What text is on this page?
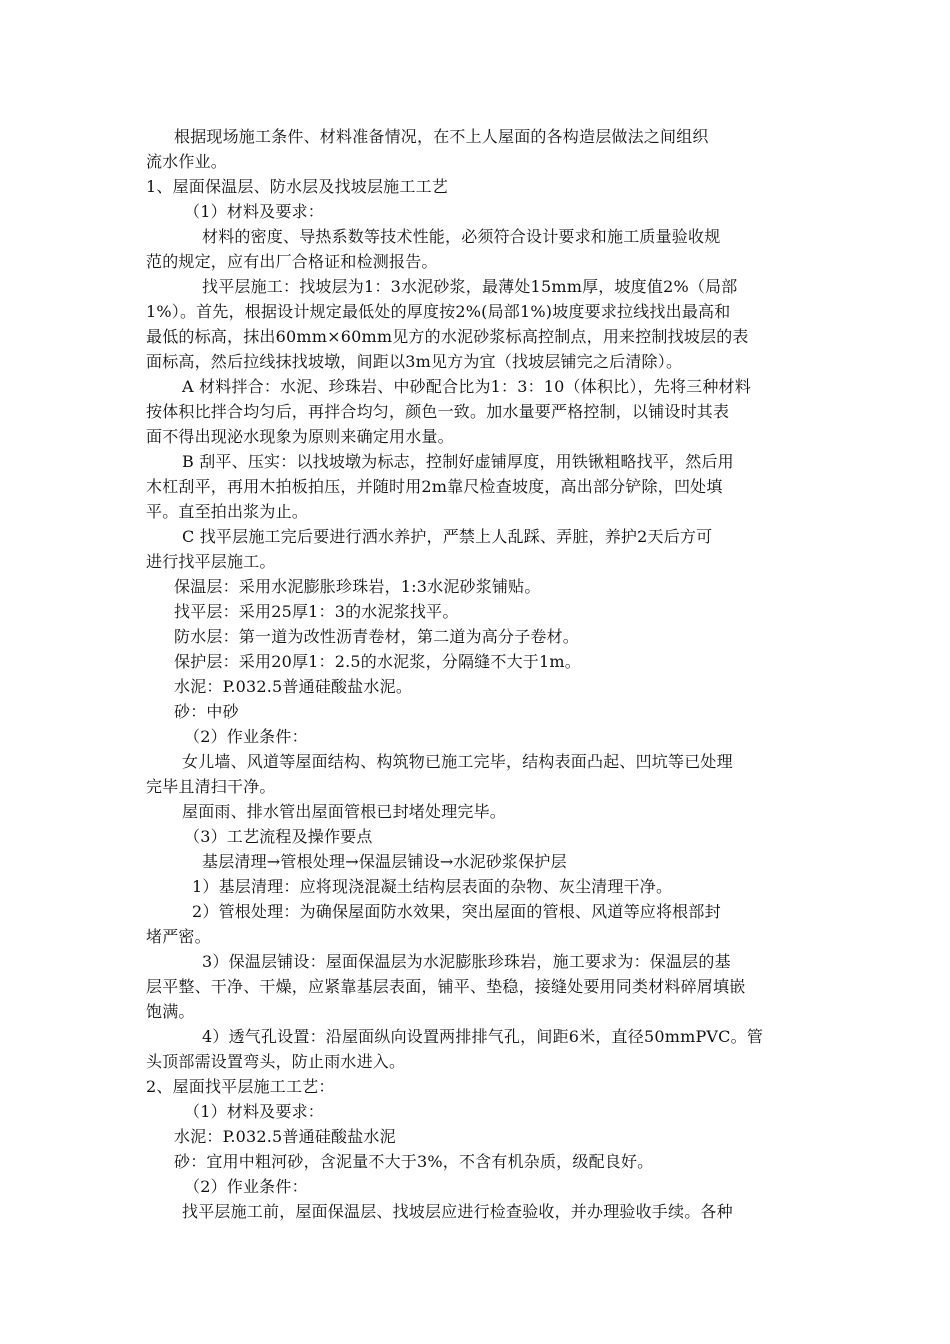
根据现场施工条件、材料准备情况，在不上人屋面的各构造层做法之间组织
流水作业。
1、屋面保温层、防水层及找坡层施工工艺
（1）材料及要求：
材料的密度、导热系数等技术性能，必须符合设计要求和施工质量验收规
范的规定，应有出厂合格证和检测报告。
找平层施工：找坡层为1：3水泥砂浆，最薄处15mm厚，坡度值2%（局部
1%）。首先，根据设计规定最低处的厚度按2%(局部1%)坡度要求拉线找出最高和
最低的标高，抹出60mm×60mm见方的水泥砂浆标高控制点，用来控制找坡层的表
面标高，然后拉线抹找坡墩，间距以3m见方为宜（找坡层铺完之后清除）。
A 材料拌合：水泥、珍珠岩、中砂配合比为1：3：10（体积比），先将三种材料
按体积比拌合均匀后，再拌合均匀，颜色一致。加水量要严格控制，以铺设时其表
面不得出现泌水现象为原则来确定用水量。
B 刮平、压实：以找坡墩为标志，控制好虚铺厚度，用铁锹粗略找平，然后用
木杠刮平，再用木拍板拍压，并随时用2m靠尺检查坡度，高出部分铲除，凹处填
平。直至拍出浆为止。
C 找平层施工完后要进行洒水养护，严禁上人乱踩、弄脏，养护2天后方可
进行找平层施工。
保温层：采用水泥膨胀珍珠岩，1:3水泥砂浆铺贴。
找平层：采用25厚1：3的水泥浆找平。
防水层：第一道为改性沥青卷材，第二道为高分子卷材。
保护层：采用20厚1：2.5的水泥浆，分隔缝不大于1m。
水泥：P.032.5普通硅酸盐水泥。
砂：中砂
（2）作业条件：
女儿墙、风道等屋面结构、构筑物已施工完毕，结构表面凸起、凹坑等已处理
完毕且清扫干净。
屋面雨、排水管出屋面管根已封堵处理完毕。
（3）工艺流程及操作要点
基层清理→管根处理→保温层铺设→水泥砂浆保护层
1）基层清理：应将现浇混凝土结构层表面的杂物、灰尘清理干净。
2）管根处理：为确保屋面防水效果，突出屋面的管根、风道等应将根部封
堵严密。
3）保温层铺设：屋面保温层为水泥膨胀珍珠岩，施工要求为：保温层的基
层平整、干净、干燥，应紧靠基层表面，铺平、垫稳，接缝处要用同类材料碎屑填嵌
饱满。
4）透气孔设置：沿屋面纵向设置两排排气孔，间距6米，直径50mmPVC。管
头顶部需设置弯头，防止雨水进入。
2、屋面找平层施工工艺：
（1）材料及要求：
水泥：P.032.5普通硅酸盐水泥
砂：宜用中粗河砂，含泥量不大于3%，不含有机杂质，级配良好。
（2）作业条件：
找平层施工前，屋面保温层、找坡层应进行检查验收，并办理验收手续。各种
